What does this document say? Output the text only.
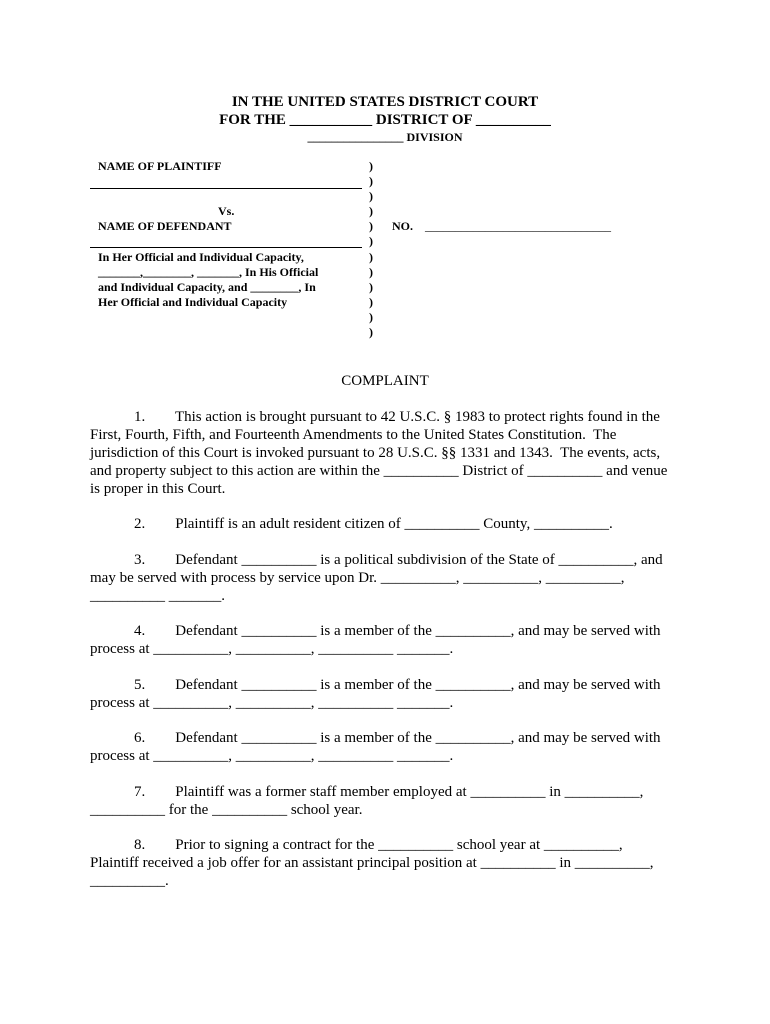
IN THE UNITED STATES DISTRICT COURT
FOR THE ___________ DISTRICT OF __________
________________ DIVISION
NAME OF PLAINTIFF
Vs.
NAME OF DEFENDANT
In Her Official and Individual Capacity,
_______,________, _______, In His Official
and Individual Capacity, and ________, In
Her Official and Individual Capacity
)
)
)
)
)
)
)
)
)
)
)
)
NO. _______________________________
COMPLAINT
1.        This action is brought pursuant to 42 U.S.C. § 1983 to protect rights found in the
First, Fourth, Fifth, and Fourteenth Amendments to the United States Constitution.  The
jurisdiction of this Court is invoked pursuant to 28 U.S.C. §§ 1331 and 1343.  The events, acts,
and property subject to this action are within the __________ District of __________ and venue
is proper in this Court.
2.        Plaintiff is an adult resident citizen of __________ County, __________.
3.        Defendant __________ is a political subdivision of the State of __________, and
may be served with process by service upon Dr. __________, __________, __________,
__________ _______.
4.        Defendant __________ is a member of the __________, and may be served with
process at __________, __________, __________ _______.
5.        Defendant __________ is a member of the __________, and may be served with
process at __________, __________, __________ _______.
6.        Defendant __________ is a member of the __________, and may be served with
process at __________, __________, __________ _______.
7.        Plaintiff was a former staff member employed at __________ in __________,
__________ for the __________ school year.
8.        Prior to signing a contract for the __________ school year at __________,
Plaintiff received a job offer for an assistant principal position at __________ in __________,
__________.
